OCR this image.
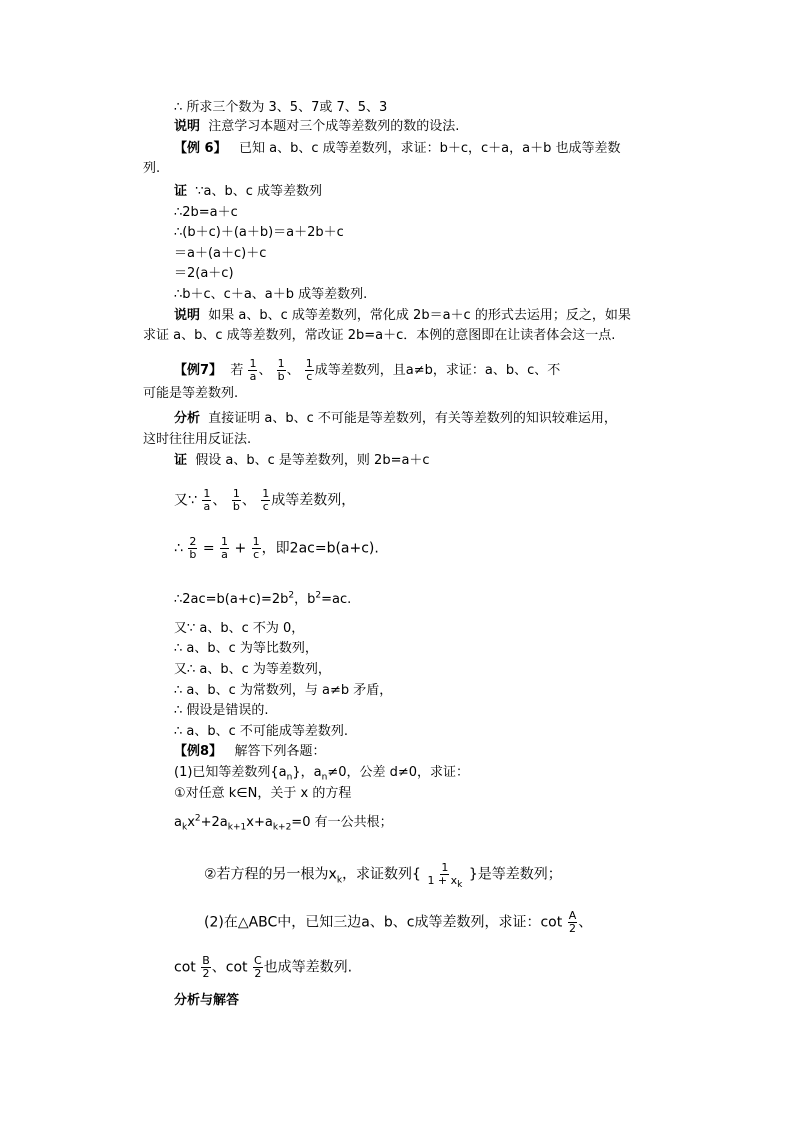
∴ 所求三个数为 3、5、7或 7、5、3
说明 注意学习本题对三个成等差数列的数的设法.
【例 6】 已知 a、b、c 成等差数列，求证：b＋c，c＋a，a＋b 也成等差数
列.
证 ∵a、b、c 成等差数列
∴2b=a＋c
∴(b＋c)＋(a＋b)＝a＋2b＋c
＝a＋(a＋c)＋c
＝2(a＋c)
∴b＋c、c＋a、a＋b 成等差数列.
说明 如果 a、b、c 成等差数列，常化成 2b＝a＋c 的形式去运用；反之，如果
求证 a、b、c 成等差数列，常改证 2b=a＋c．本例的意图即在让读者体会这一点.
【例7】 若 $\frac{1}{a}$ 、 $\frac{1}{b}$ 、 $\frac{1}{c}$ 成等差数列，且a≠b，求证：a、b、c、不
可能是等差数列.
分析 直接证明 a、b、c 不可能是等差数列，有关等差数列的知识较难运用，
这时往往用反证法.
证 假设 a、b、c 是等差数列，则 2b=a＋c
又∵ $\frac{1}{a}$ 、 $\frac{1}{b}$ 、 $\frac{1}{c}$ 成等差数列，
∴ $\frac{2}{b} = \frac{1}{a} + \frac{1}{c}$ ，即2ac=b(a+c).
$\therefore 2ac=b(a+c)=2b^2$，$b^2=ac$.
又∵ a、b、c 不为 0，
∴ a、b、c 为等比数列，
又∴ a、b、c 为等差数列，
∴ a、b、c 为常数列，与 a≠b 矛盾，
∴ 假设是错误的.
∴ a、b、c 不可能成等差数列.
【例8】 解答下列各题：
(1)已知等差数列$\{a_n\}$，$a_n\ne 0$，公差 d≠0，求证：
①对任意 k∈N，关于 x 的方程
$a_kx^2+2a_{k+1}x+a_{k+2}=0$ 有一公共根；
②若方程的另一根为$x_k$，求证数列{ $\frac{1}{1 + x_k}$ }是等差数列；
(2)在△ABC中，已知三边a、b、c成等差数列，求证：$\cot \frac{A}{2}$ 、
$\cot \frac{B}{2}$ 、$\cot \frac{C}{2}$ 也成等差数列.
分析与解答
